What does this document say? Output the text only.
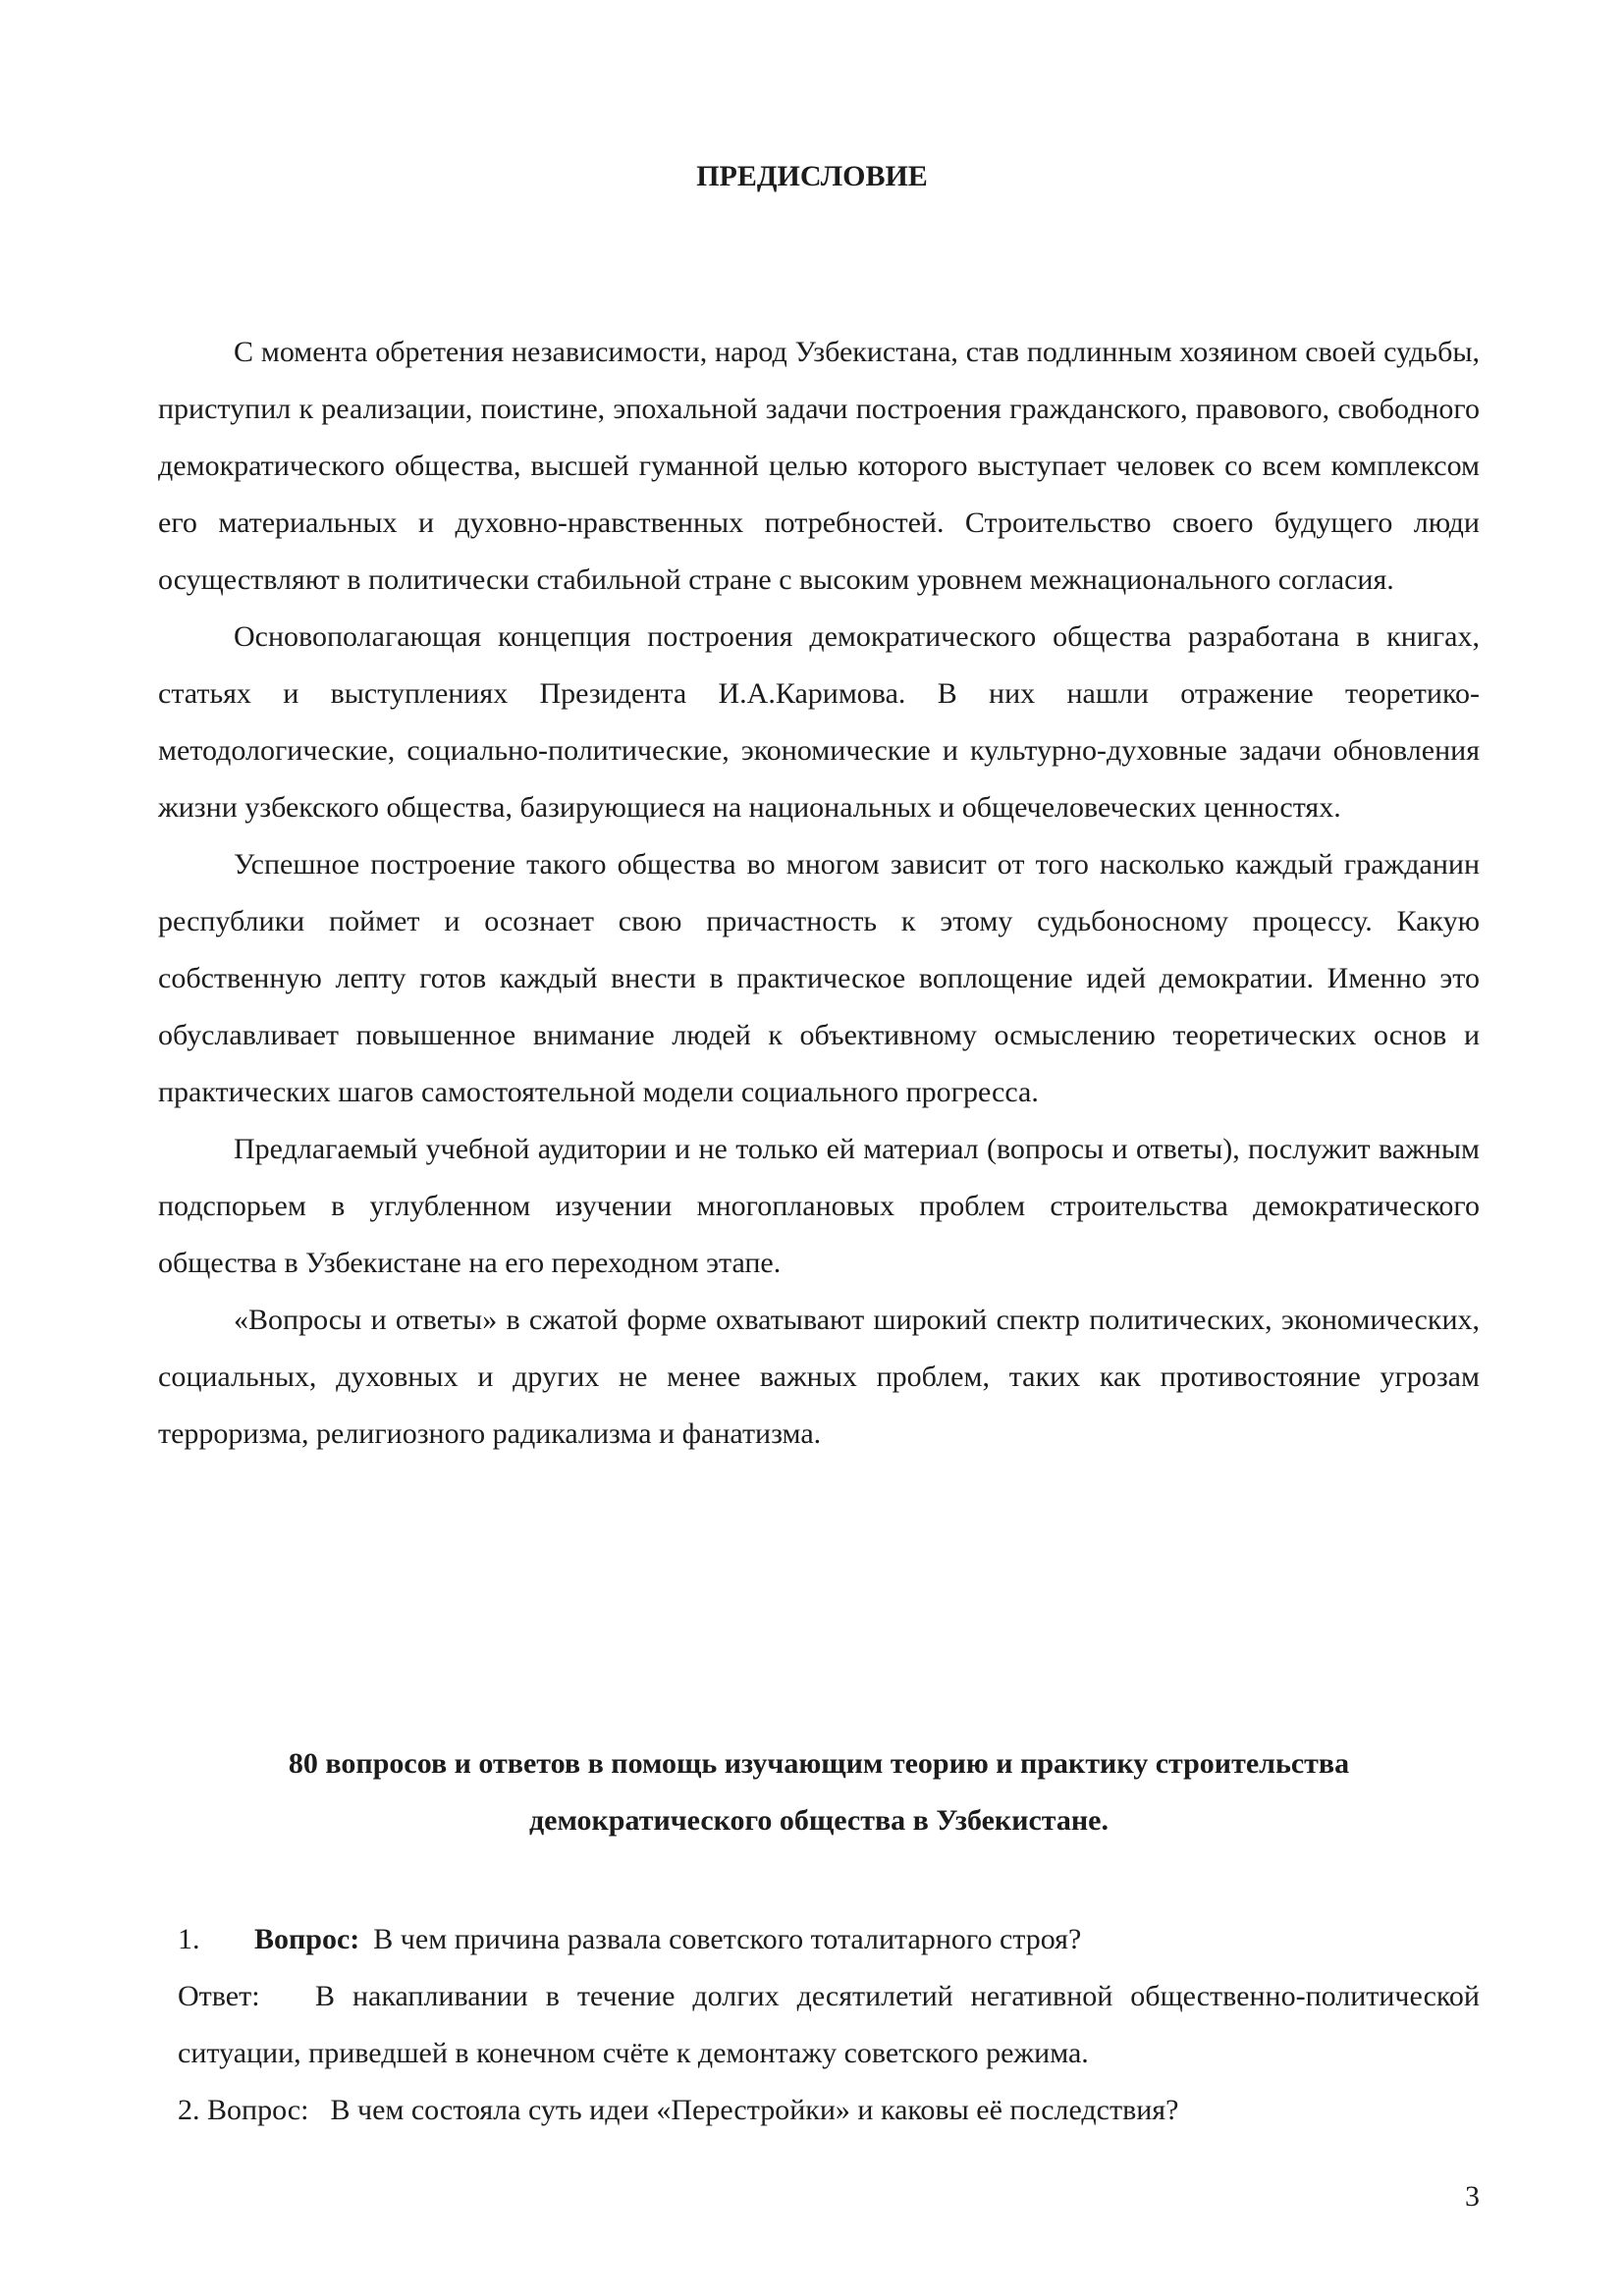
ПРЕДИСЛОВИЕ

С момента обретения независимости, народ Узбекистана, став подлинным хозяином своей судьбы, приступил к реализации, поистине, эпохальной задачи построения гражданского, правового, свободного демократического общества, высшей гуманной целью которого выступает человек со всем комплексом его материальных и духовно-нравственных потребностей. Строительство своего будущего люди осуществляют в политически стабильной стране с высоким уровнем межнационального согласия.

Основополагающая концепция построения демократического общества разработана в книгах, статьях и выступлениях Президента И.А.Каримова. В них нашли отражение теоретико-методологические, социально-политические, экономические и культурно-духовные задачи обновления жизни узбекского общества, базирующиеся на национальных и общечеловеческих ценностях.

Успешное построение такого общества во многом зависит от того насколько каждый гражданин республики поймет и осознает свою причастность к этому судьбоносному процессу. Какую собственную лепту готов каждый внести в практическое воплощение идей демократии. Именно это обуславливает повышенное внимание людей к объективному осмыслению теоретических основ и практических шагов самостоятельной модели социального прогресса.

Предлагаемый учебной аудитории и не только ей материал (вопросы и ответы), послужит важным подспорьем в углубленном изучении многоплановых проблем строительства демократического общества в Узбекистане на его переходном этапе.

«Вопросы и ответы» в сжатой форме охватывают широкий спектр политических, экономических, социальных, духовных и других не менее важных проблем, таких как противостояние угрозам терроризма, религиозного радикализма и фанатизма.

80 вопросов и ответов в помощь изучающим теорию и практику строительства
демократического общества в Узбекистане.
1. Вопрос: В чем причина развала советского тоталитарного строя?

Ответ: В накапливании в течение долгих десятилетий негативной общественно-политической ситуации, приведшей в конечном счёте к демонтажу советского режима.

2. Вопрос: В чем состояла суть идеи «Перестройки» и каковы её последствия?
3
